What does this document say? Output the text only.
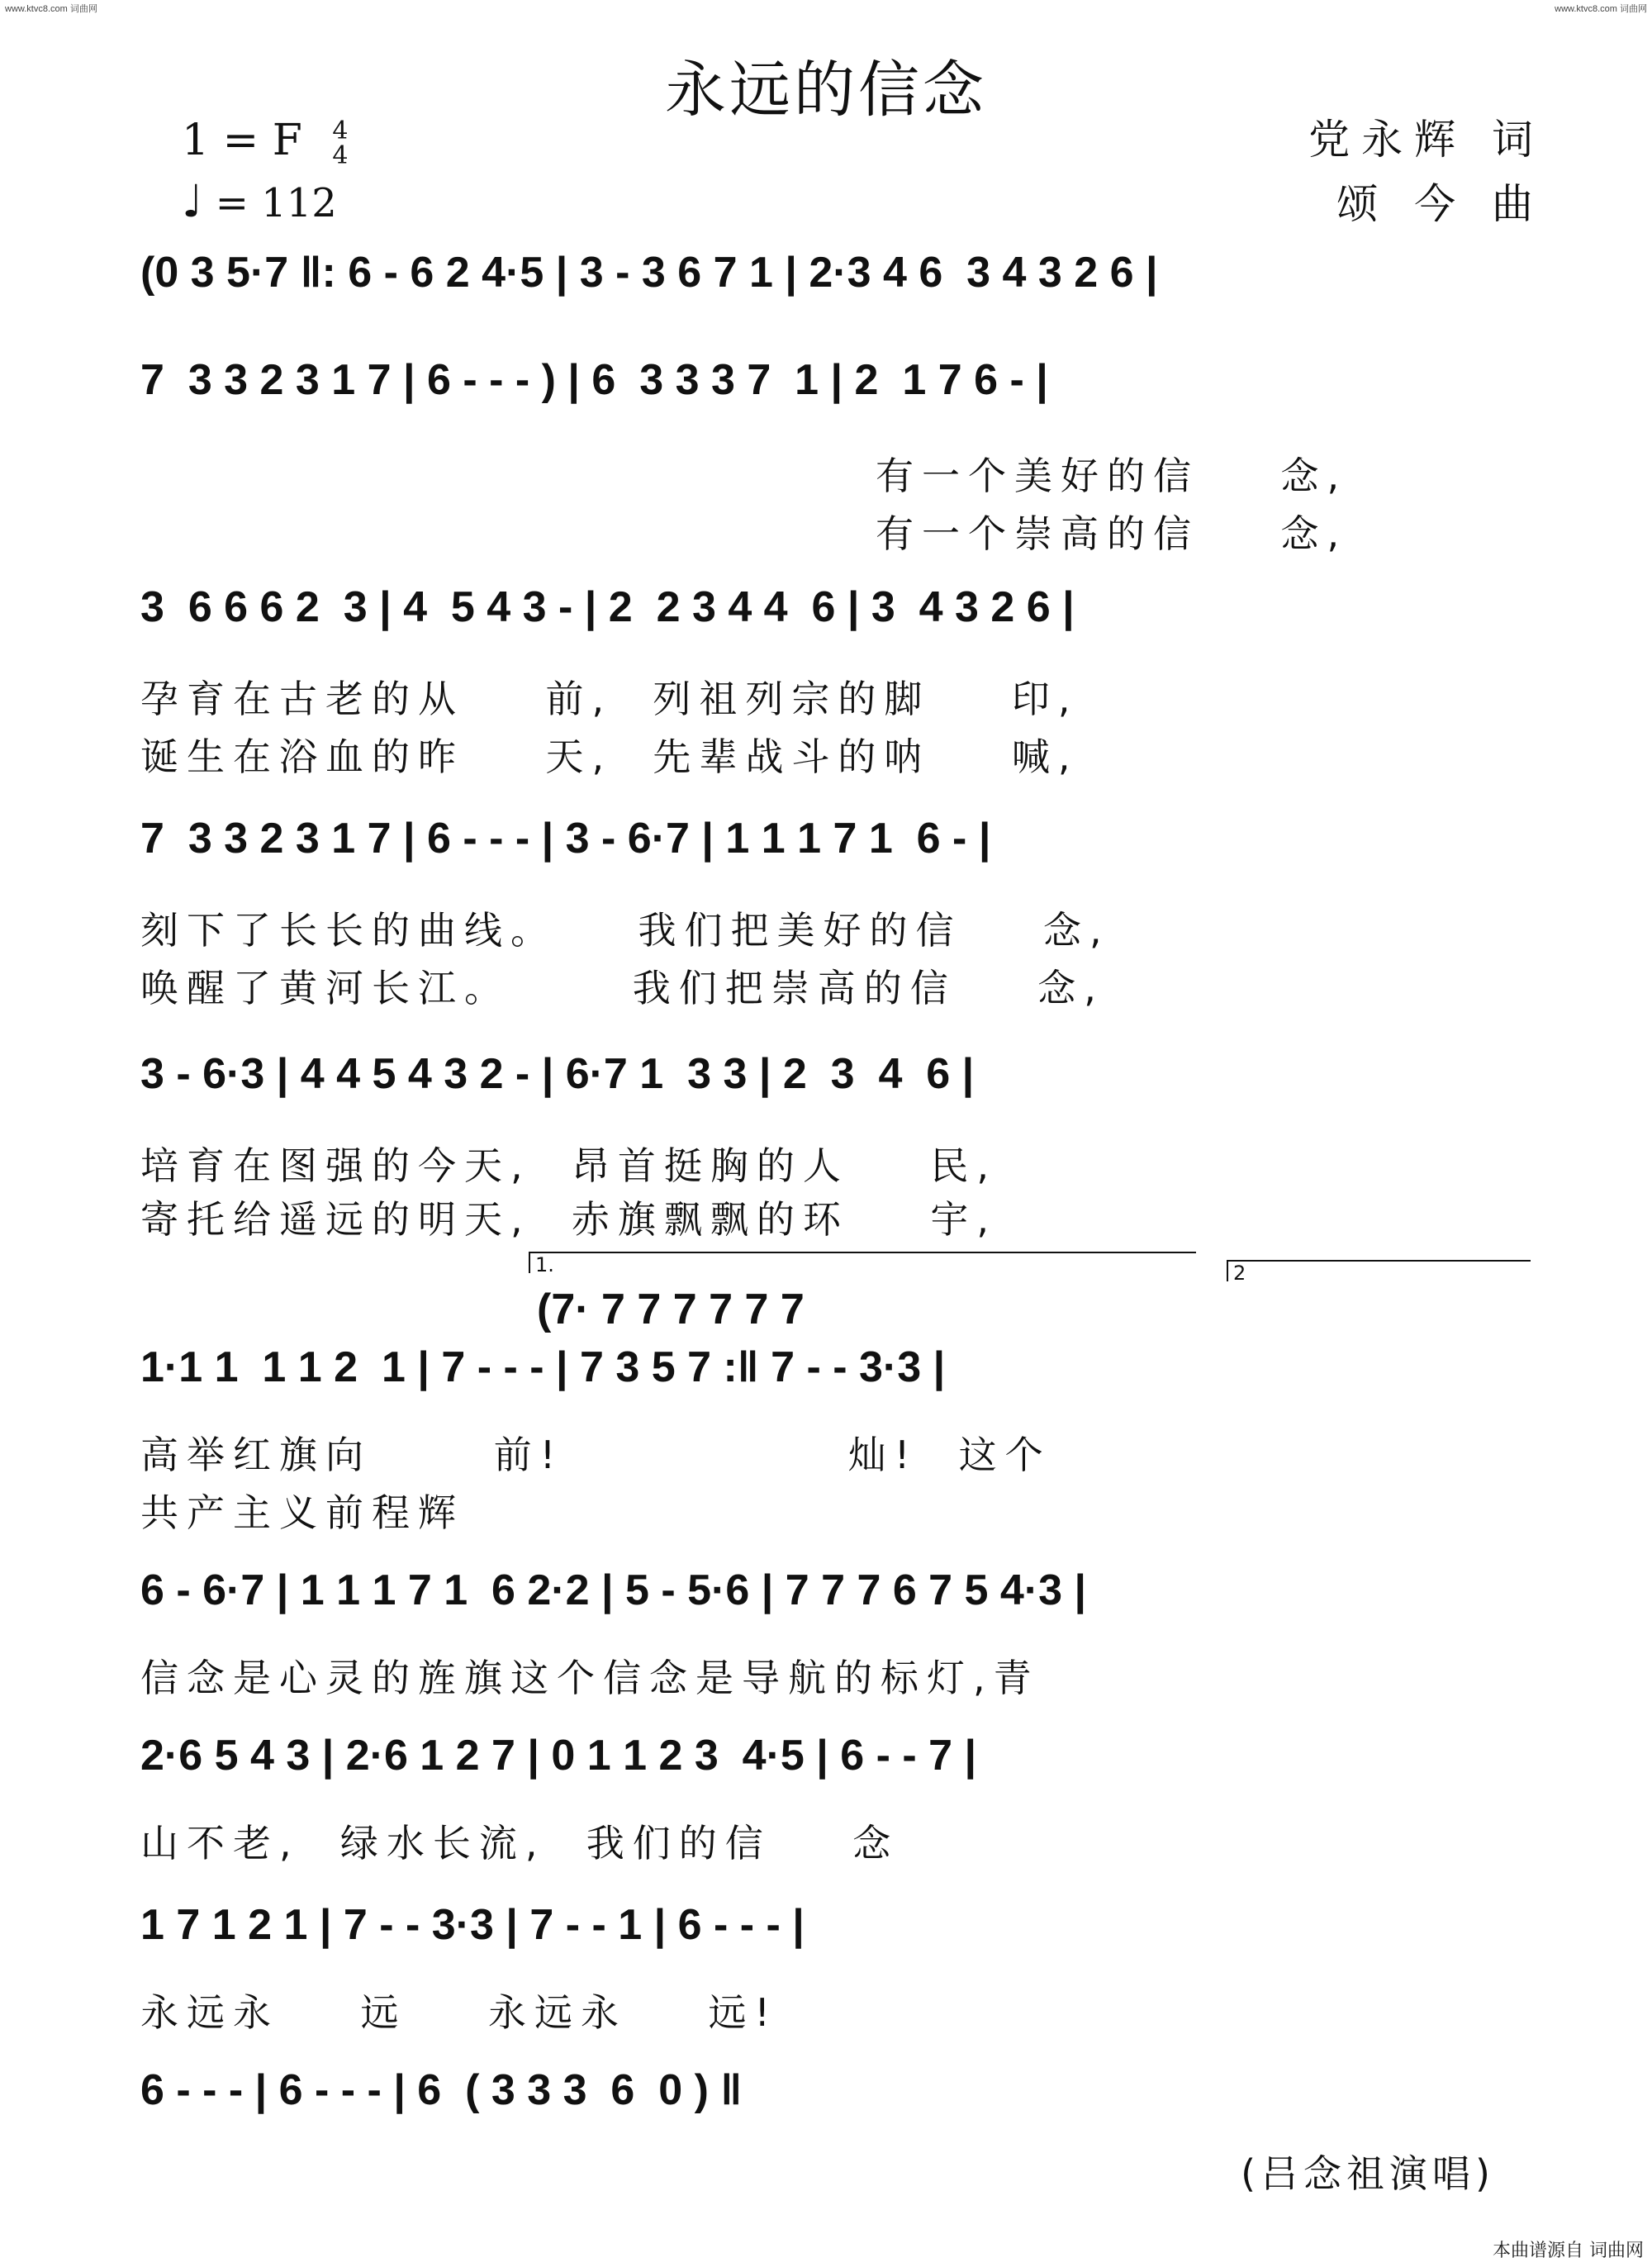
www.ktvc8.com 词曲网	www.ktvc8.com 词曲网
永远的信念
1 = F 4
4
♩ = 112
党永辉 词
颂 今 曲
(0 3 5·7 ‖: 6 - 6 2 4·5 | 3 - 3 6 7 1 | 2·3 4 6  3 4 3 2 6 |
7  3 3 2 3 1 7 | 6 - - - ) | 6  3 3 3 7  1 | 2  1 7 6 - |
有一个美好的信    念,
有一个崇高的信    念,
3  6 6 6 2  3 | 4  5 4 3 - | 2  2 3 4 4  6 | 3  4 3 2 6 |
孕育在古老的从    前,  列祖列宗的脚    印,
诞生在浴血的昨    天,  先辈战斗的呐    喊,
7  3 3 2 3 1 7 | 6 - - - | 3 - 6·7 | 1 1 1 7 1  6 - |
刻下了长长的曲线。    我们把美好的信    念,
唤醒了黄河长江。      我们把崇高的信    念,
3 - 6·3 | 4 4 5 4 3 2 - | 6·7 1  3 3 | 2  3  4  6 |
培育在图强的今天,  昂首挺胸的人    民,
寄托给遥远的明天,  赤旗飘飘的环    宇,
1.	2
(7· 7 7 7 7 7 7
1·1 1  1 1 2  1 | 7 - - - | 7 3 5 7 :‖ 7 - - 3·3 |
高举红旗向      前!              灿!  这个
共产主义前程辉
6 - 6·7 | 1 1 1 7 1  6 2·2 | 5 - 5·6 | 7 7 7 6 7 5 4·3 |
信念是心灵的旌旗这个信念是导航的标灯,青
2·6 5 4 3 | 2·6 1 2 7 | 0 1 1 2 3  4·5 | 6 - - 7 |
山不老,  绿水长流,  我们的信    念
1 7 1 2 1 | 7 - - 3·3 | 7 - - 1 | 6 - - - |
永远永    远    永远永    远!
6 - - - | 6 - - - | 6  ( 3 3 3  6  0 ) ‖
(吕念祖演唱)
本曲谱源自 词曲网
